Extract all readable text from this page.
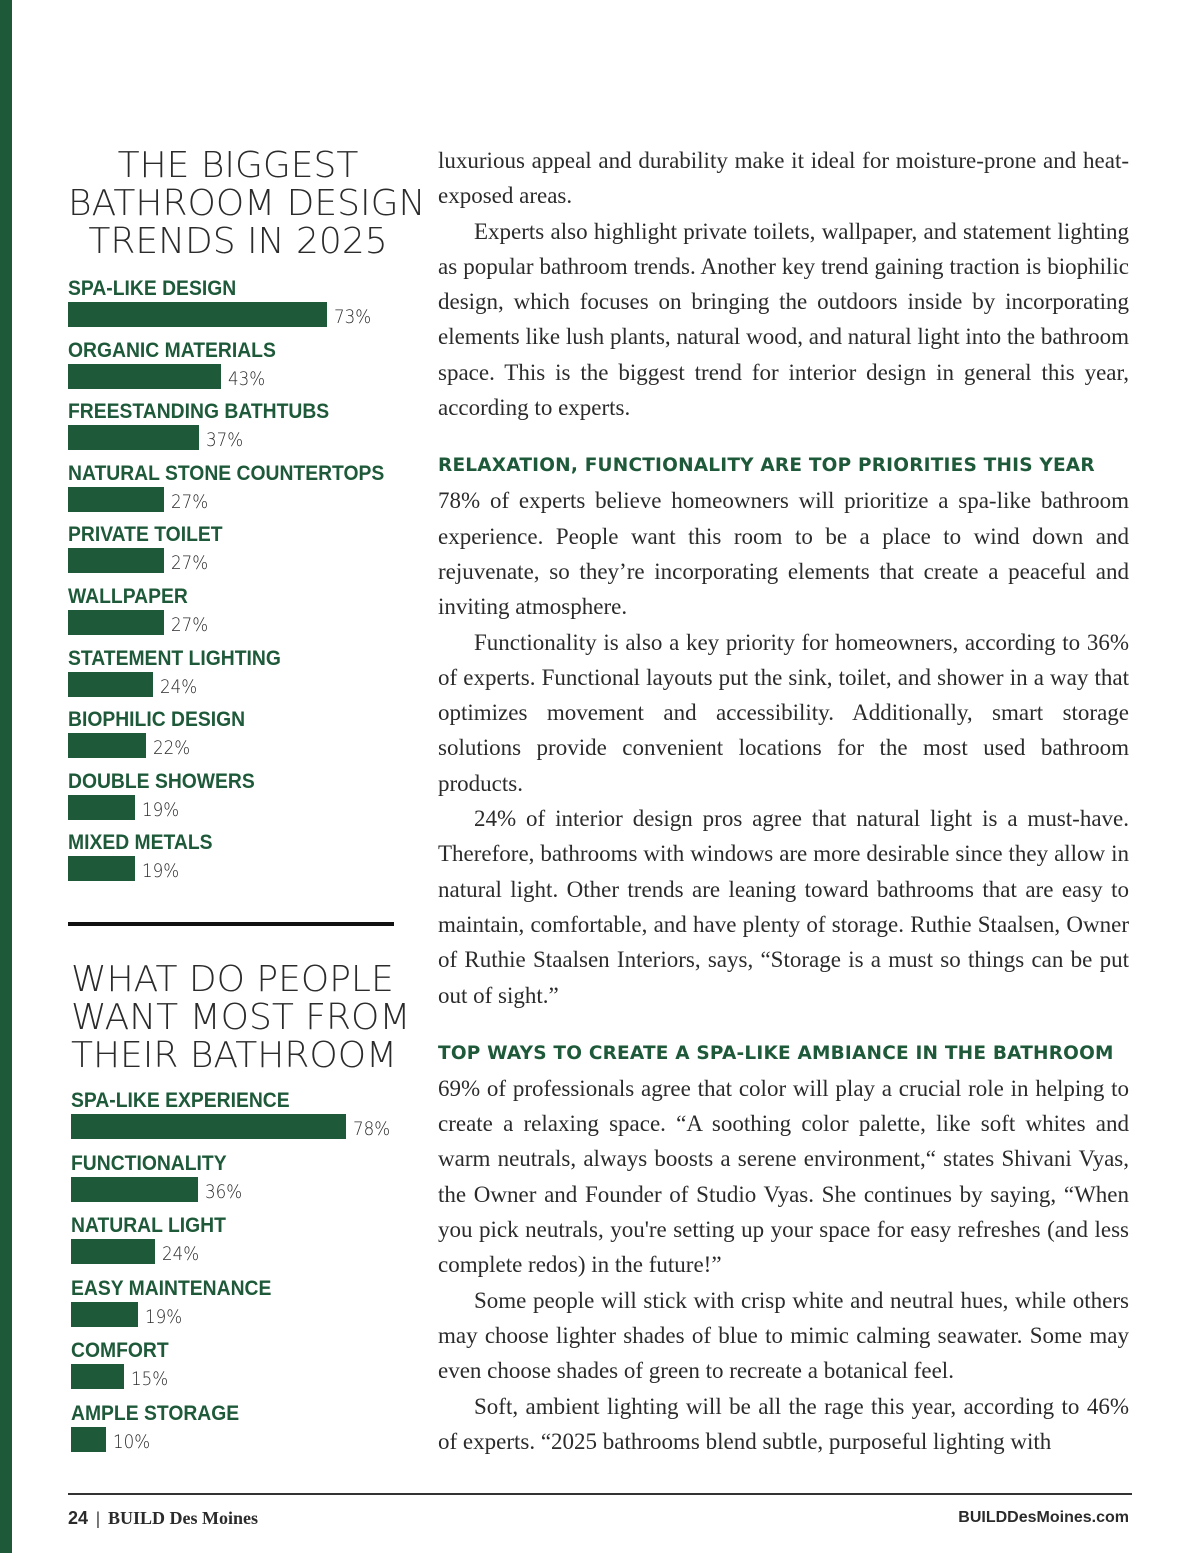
THE BIGGEST
BATHROOM DESIGN
TRENDS IN 2025
SPA-LIKE DESIGN
73%
ORGANIC MATERIALS
43%
FREESTANDING BATHTUBS
37%
NATURAL STONE COUNTERTOPS
27%
PRIVATE TOILET
27%
WALLPAPER
27%
STATEMENT LIGHTING
24%
BIOPHILIC DESIGN
22%
DOUBLE SHOWERS
19%
MIXED METALS
19%
WHAT DO PEOPLE
WANT MOST FROM
THEIR BATHROOM
SPA-LIKE EXPERIENCE
78%
FUNCTIONALITY
36%
NATURAL LIGHT
24%
EASY MAINTENANCE
19%
COMFORT
15%
AMPLE STORAGE
10%

luxurious appeal and durability make it ideal for moisture-prone and heat-exposed areas.

Experts also highlight private toilets, wallpaper, and statement lighting as popular bathroom trends. Another key trend gaining traction is biophilic design, which focuses on bringing the outdoors inside by incorporating elements like lush plants, natural wood, and natural light into the bathroom space. This is the biggest trend for interior design in general this year, according to experts.

RELAXATION, FUNCTIONALITY ARE TOP PRIORITIES THIS YEAR

78% of experts believe homeowners will prioritize a spa-like bathroom experience. People want this room to be a place to wind down and rejuvenate, so they’re incorporating elements that create a peaceful and inviting atmosphere.

Functionality is also a key priority for homeowners, according to 36% of experts. Functional layouts put the sink, toilet, and shower in a way that optimizes movement and accessibility. Additionally, smart storage solutions provide convenient locations for the most used bathroom products.

24% of interior design pros agree that natural light is a must-have. Therefore, bathrooms with windows are more desirable since they allow in natural light. Other trends are leaning toward bathrooms that are easy to maintain, comfortable, and have plenty of storage. Ruthie Staalsen, Owner of Ruthie Staalsen Interiors, says, “Storage is a must so things can be put out of sight.”

TOP WAYS TO CREATE A SPA-LIKE AMBIANCE IN THE BATHROOM

69% of professionals agree that color will play a crucial role in helping to create a relaxing space. “A soothing color palette, like soft whites and warm neutrals, always boosts a serene environment,“ states Shivani Vyas, the Owner and Founder of Studio Vyas. She continues by saying, “When you pick neutrals, you're setting up your space for easy refreshes (and less complete redos) in the future!”

Some people will stick with crisp white and neutral hues, while others may choose lighter shades of blue to mimic calming seawater. Some may even choose shades of green to recreate a botanical feel.

Soft, ambient lighting will be all the rage this year, according to 46% of experts. “2025 bathrooms blend subtle, purposeful lighting with

24 | BUILD Des Moines	BUILDDesMoines.com
